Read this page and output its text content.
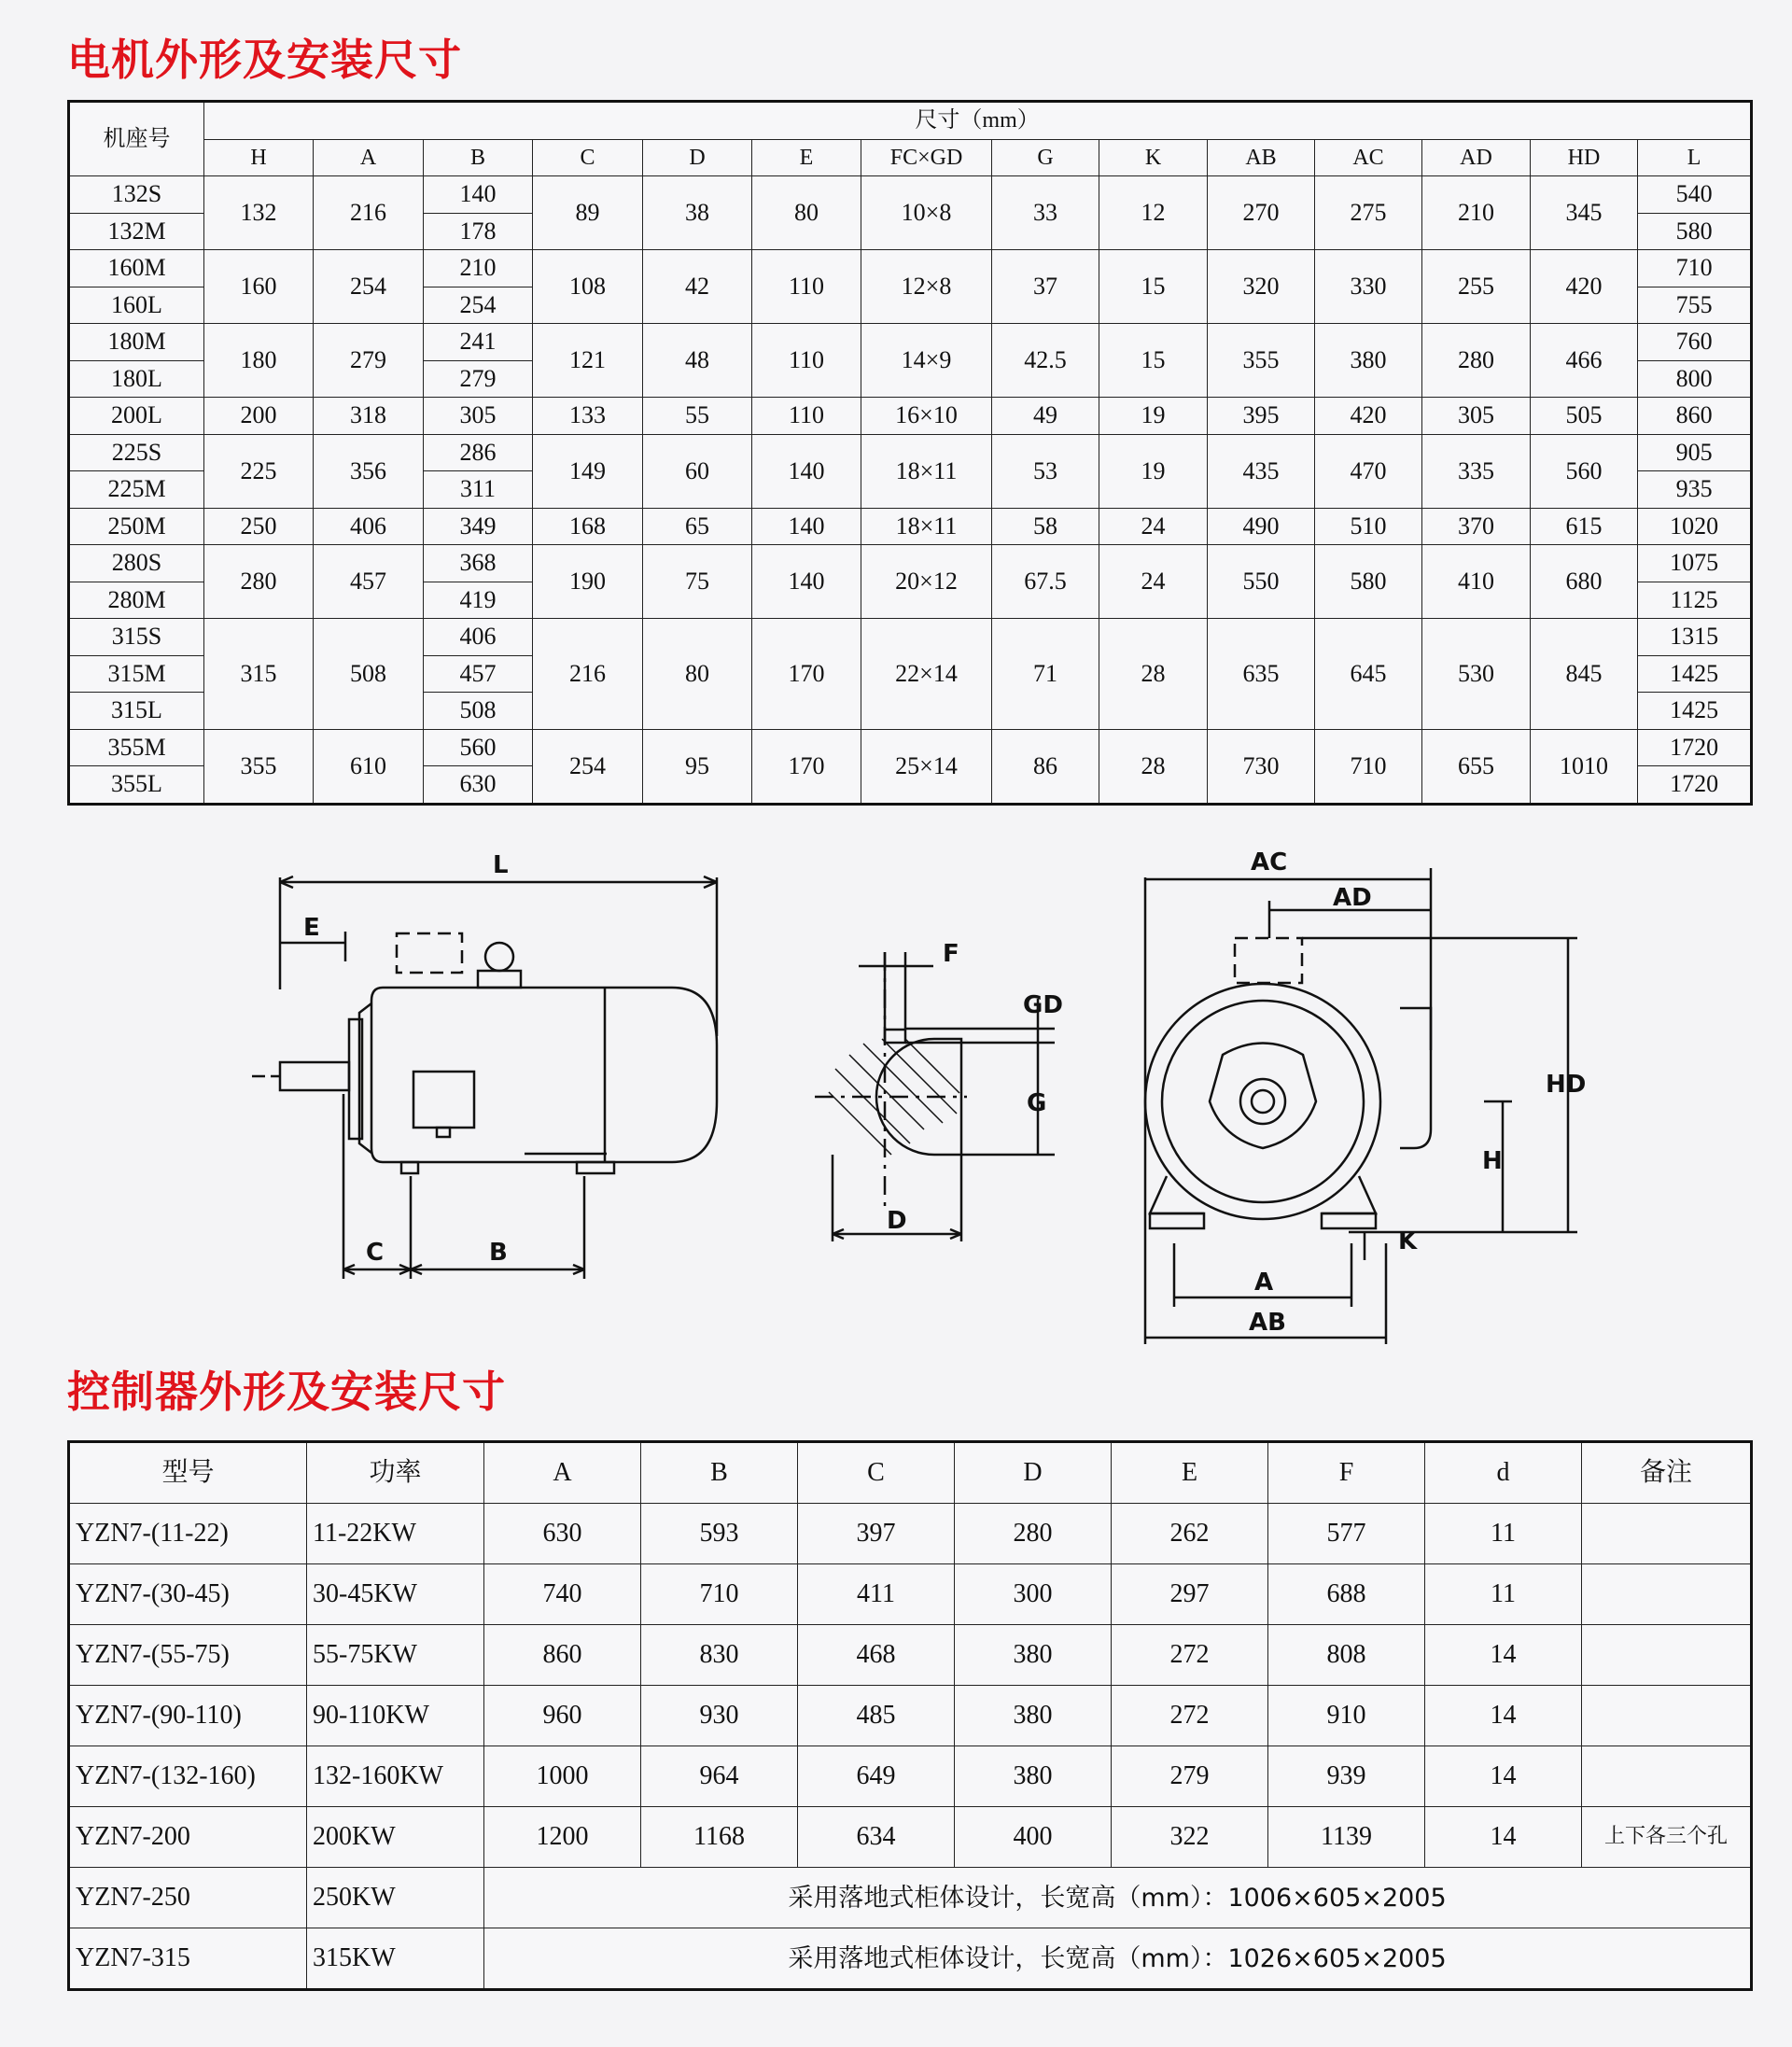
电机外形及安装尺寸
机座号	尺寸（mm）													
	H	A	B	C	D	E	FC×GD	G	K	AB	AC	AD	HD	L
132S	132	216	140	89	38	80	10×8	33	12	270	275	210	345	540
132M			178											580
160M	160	254	210	108	42	110	12×8	37	15	320	330	255	420	710
160L			254											755
180M	180	279	241	121	48	110	14×9	42.5	15	355	380	280	466	760
180L			279											800
200L	200	318	305	133	55	110	16×10	49	19	395	420	305	505	860
225S	225	356	286	149	60	140	18×11	53	19	435	470	335	560	905
225M			311											935
250M	250	406	349	168	65	140	18×11	58	24	490	510	370	615	1020
280S	280	457	368	190	75	140	20×12	67.5	24	550	580	410	680	1075
280M			419											1125
315S	315	508	406	216	80	170	22×14	71	28	635	645	530	845	1315
315M			457											1425
315L			508											1425
355M	355	610	560	254	95	170	25×14	86	28	730	710	655	1010	1720
355L			630											1720
L
E
C	B
F
GD
G
D
AC
AD
HD
H
K
A
AB
控制器外形及安装尺寸
型号	功率	A	B	C	D	E	F	d	备注
YZN7-(11-22)	11-22KW	630	593	397	280	262	577	11	
YZN7-(30-45)	30-45KW	740	710	411	300	297	688	11	
YZN7-(55-75)	55-75KW	860	830	468	380	272	808	14	
YZN7-(90-110)	90-110KW	960	930	485	380	272	910	14	
YZN7-(132-160)	132-160KW	1000	964	649	380	279	939	14	
YZN7-200	200KW	1200	1168	634	400	322	1139	14	上下各三个孔
YZN7-250	250KW	采用落地式柜体设计，长宽高（mm）：1006×605×2005							
YZN7-315	315KW	采用落地式柜体设计，长宽高（mm）：1026×605×2005							
